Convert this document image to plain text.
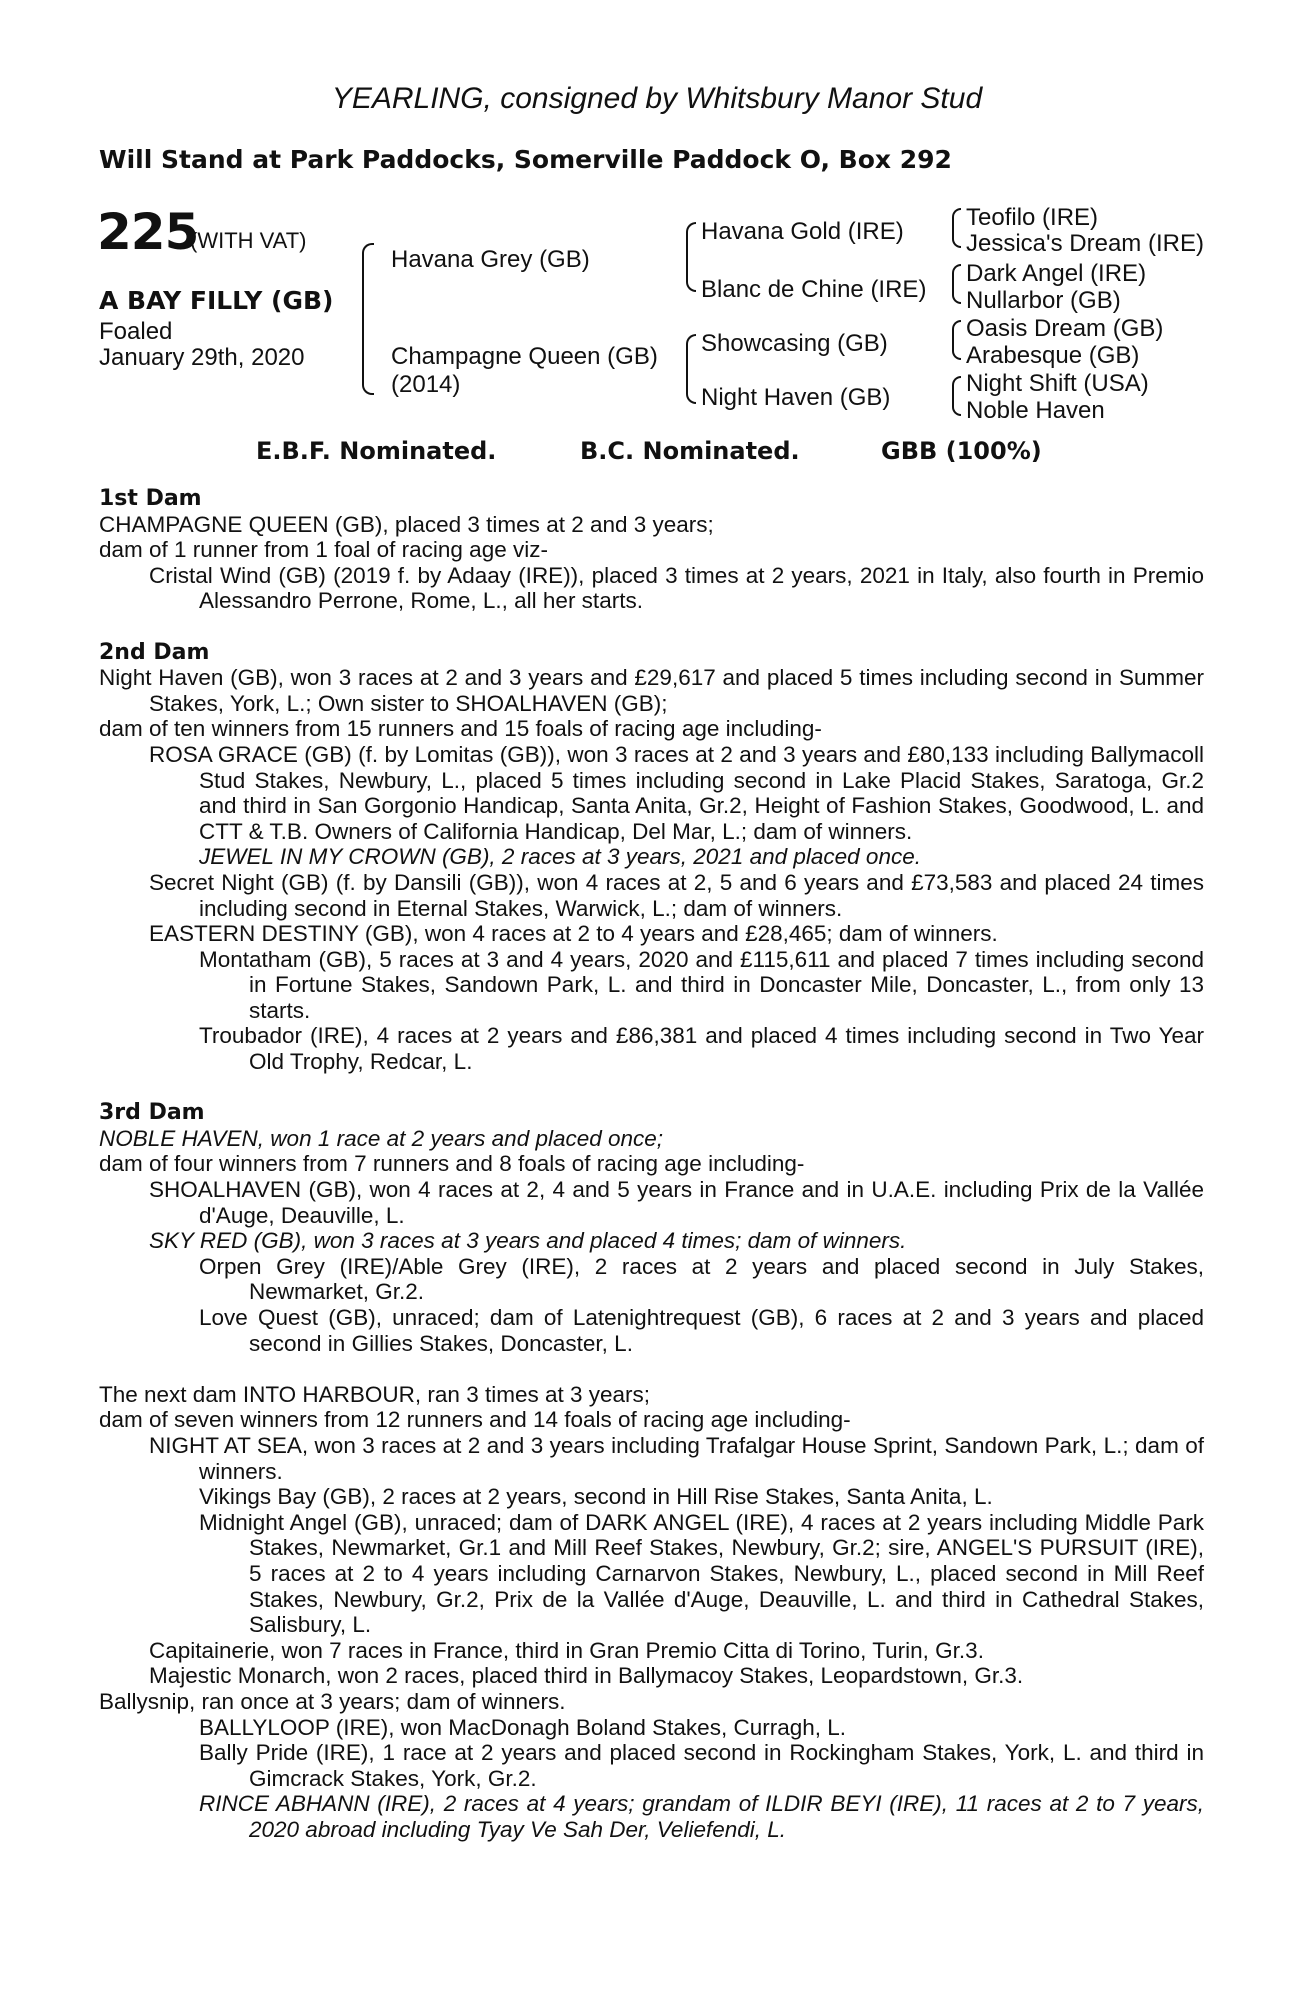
YEARLING, consigned by Whitsbury Manor Stud
Will Stand at Park Paddocks, Somerville Paddock O, Box 292
225
(WITH VAT)
A BAY FILLY (GB)
Foaled
January 29th, 2020
Havana Grey (GB)
Champagne Queen (GB)
(2014)
Havana Gold (IRE)
Blanc de Chine (IRE)
Showcasing (GB)
Night Haven (GB)
Teofilo (IRE)
Jessica's Dream (IRE)
Dark Angel (IRE)
Nullarbor (GB)
Oasis Dream (GB)
Arabesque (GB)
Night Shift (USA)
Noble Haven
E.B.F. Nominated.	B.C. Nominated.	GBB (100%)

1st Dam

CHAMPAGNE QUEEN (GB), placed 3 times at 2 and 3 years;

dam of 1 runner from 1 foal of racing age viz-

Cristal Wind (GB) (2019 f. by Adaay (IRE)), placed 3 times at 2 years, 2021 in Italy, also fourth in Premio Alessandro Perrone, Rome, L., all her starts.

2nd Dam

Night Haven (GB), won 3 races at 2 and 3 years and £29,617 and placed 5 times including second in Summer Stakes, York, L.; Own sister to SHOALHAVEN (GB);

dam of ten winners from 15 runners and 15 foals of racing age including-

ROSA GRACE (GB) (f. by Lomitas (GB)), won 3 races at 2 and 3 years and £80,133 including Ballymacoll Stud Stakes, Newbury, L., placed 5 times including second in Lake Placid Stakes, Saratoga, Gr.2 and third in San Gorgonio Handicap, Santa Anita, Gr.2, Height of Fashion Stakes, Goodwood, L. and CTT & T.B. Owners of California Handicap, Del Mar, L.; dam of winners.

JEWEL IN MY CROWN (GB), 2 races at 3 years, 2021 and placed once.

Secret Night (GB) (f. by Dansili (GB)), won 4 races at 2, 5 and 6 years and £73,583 and placed 24 times including second in Eternal Stakes, Warwick, L.; dam of winners.

EASTERN DESTINY (GB), won 4 races at 2 to 4 years and £28,465; dam of winners.

Montatham (GB), 5 races at 3 and 4 years, 2020 and £115,611 and placed 7 times including second in Fortune Stakes, Sandown Park, L. and third in Doncaster Mile, Doncaster, L., from only 13 starts.

Troubador (IRE), 4 races at 2 years and £86,381 and placed 4 times including second in Two Year Old Trophy, Redcar, L.

3rd Dam

NOBLE HAVEN, won 1 race at 2 years and placed once;

dam of four winners from 7 runners and 8 foals of racing age including-

SHOALHAVEN (GB), won 4 races at 2, 4 and 5 years in France and in U.A.E. including Prix de la Vallée d'Auge, Deauville, L.

SKY RED (GB), won 3 races at 3 years and placed 4 times; dam of winners.

Orpen Grey (IRE)/Able Grey (IRE), 2 races at 2 years and placed second in July Stakes, Newmarket, Gr.2.

Love Quest (GB), unraced; dam of Latenightrequest (GB), 6 races at 2 and 3 years and placed second in Gillies Stakes, Doncaster, L.

The next dam INTO HARBOUR, ran 3 times at 3 years;

dam of seven winners from 12 runners and 14 foals of racing age including-

NIGHT AT SEA, won 3 races at 2 and 3 years including Trafalgar House Sprint, Sandown Park, L.; dam of winners.

Vikings Bay (GB), 2 races at 2 years, second in Hill Rise Stakes, Santa Anita, L.

Midnight Angel (GB), unraced; dam of DARK ANGEL (IRE), 4 races at 2 years including Middle Park Stakes, Newmarket, Gr.1 and Mill Reef Stakes, Newbury, Gr.2; sire, ANGEL'S PURSUIT (IRE), 5 races at 2 to 4 years including Carnarvon Stakes, Newbury, L., placed second in Mill Reef Stakes, Newbury, Gr.2, Prix de la Vallée d'Auge, Deauville, L. and third in Cathedral Stakes, Salisbury, L.

Capitainerie, won 7 races in France, third in Gran Premio Citta di Torino, Turin, Gr.3.

Majestic Monarch, won 2 races, placed third in Ballymacoy Stakes, Leopardstown, Gr.3.

Ballysnip, ran once at 3 years; dam of winners.

BALLYLOOP (IRE), won MacDonagh Boland Stakes, Curragh, L.

Bally Pride (IRE), 1 race at 2 years and placed second in Rockingham Stakes, York, L. and third in Gimcrack Stakes, York, Gr.2.

RINCE ABHANN (IRE), 2 races at 4 years; grandam of ILDIR BEYI (IRE), 11 races at 2 to 7 years, 2020 abroad including Tyay Ve Sah Der, Veliefendi, L.
